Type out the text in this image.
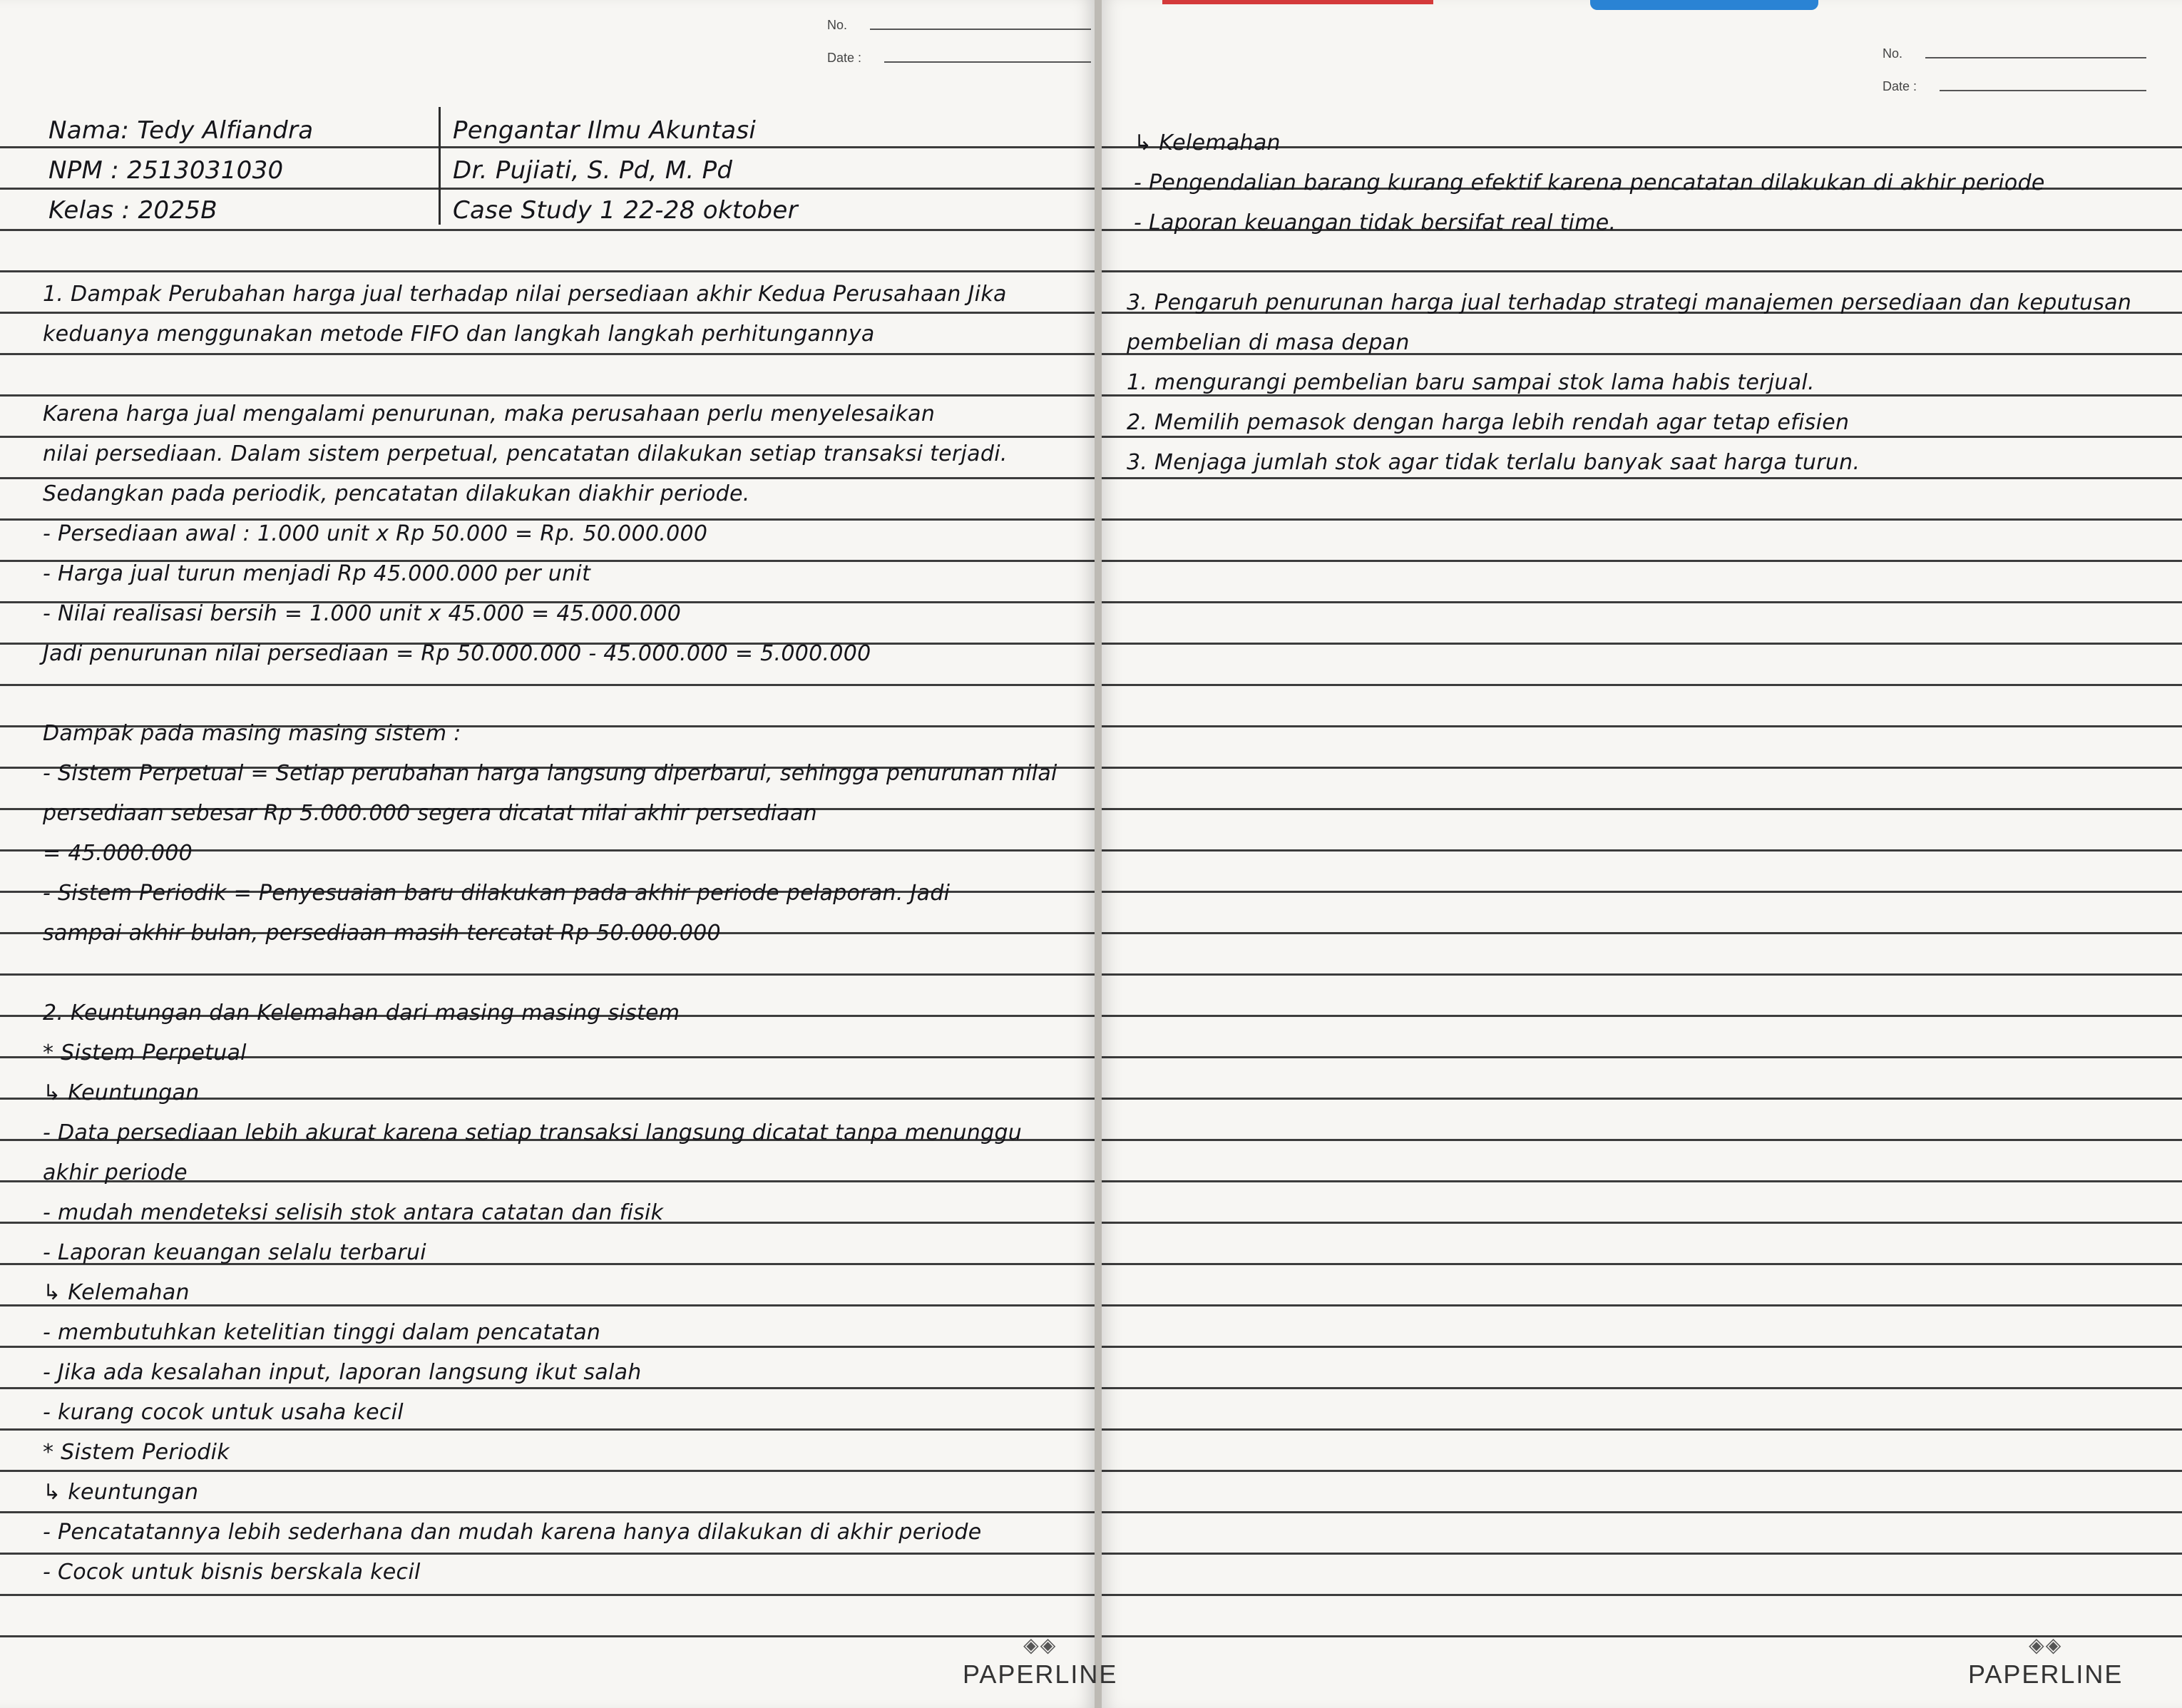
No.
Date :	No.
Date :
Nama: Tedy Alfiandra
NPM : 2513031030
Kelas : 2025B
Pengantar Ilmu Akuntasi
Dr. Pujiati, S. Pd, M. Pd
Case Study 1 22-28 oktober
1. Dampak Perubahan harga jual terhadap nilai persediaan akhir Kedua Perusahaan Jika
keduanya menggunakan metode FIFO dan langkah langkah perhitungannya
Karena harga jual mengalami penurunan, maka perusahaan perlu menyelesaikan
nilai persediaan. Dalam sistem perpetual, pencatatan dilakukan setiap transaksi terjadi.
Sedangkan pada periodik, pencatatan dilakukan diakhir periode.
- Persediaan awal : 1.000 unit x Rp 50.000 = Rp. 50.000.000
- Harga jual turun menjadi Rp 45.000.000 per unit
- Nilai realisasi bersih = 1.000 unit x 45.000 = 45.000.000
Jadi penurunan nilai persediaan = Rp 50.000.000 - 45.000.000 = 5.000.000
Dampak pada masing masing sistem :
- Sistem Perpetual = Setiap perubahan harga langsung diperbarui, sehingga penurunan nilai
persediaan sebesar Rp 5.000.000 segera dicatat nilai akhir persediaan
= 45.000.000
- Sistem Periodik = Penyesuaian baru dilakukan pada akhir periode pelaporan. Jadi
sampai akhir bulan, persediaan masih tercatat Rp 50.000.000
2. Keuntungan dan Kelemahan dari masing masing sistem
* Sistem Perpetual
↳ Keuntungan
- Data persediaan lebih akurat karena setiap transaksi langsung dicatat tanpa menunggu
akhir periode
- mudah mendeteksi selisih stok antara catatan dan fisik
- Laporan keuangan selalu terbarui
↳ Kelemahan
- membutuhkan ketelitian tinggi dalam pencatatan
- Jika ada kesalahan input, laporan langsung ikut salah
- kurang cocok untuk usaha kecil
* Sistem Periodik
↳ keuntungan
- Pencatatannya lebih sederhana dan mudah karena hanya dilakukan di akhir periode
- Cocok untuk bisnis berskala kecil
↳ Kelemahan
- Pengendalian barang kurang efektif karena pencatatan dilakukan di akhir periode
- Laporan keuangan tidak bersifat real time.
3. Pengaruh penurunan harga jual terhadap strategi manajemen persediaan dan keputusan
pembelian di masa depan
1. mengurangi pembelian baru sampai stok lama habis terjual.
2. Memilih pemasok dengan harga lebih rendah agar tetap efisien
3. Menjaga jumlah stok agar tidak terlalu banyak saat harga turun.
◈◈
PAPERLINE
◈◈
PAPERLINE
